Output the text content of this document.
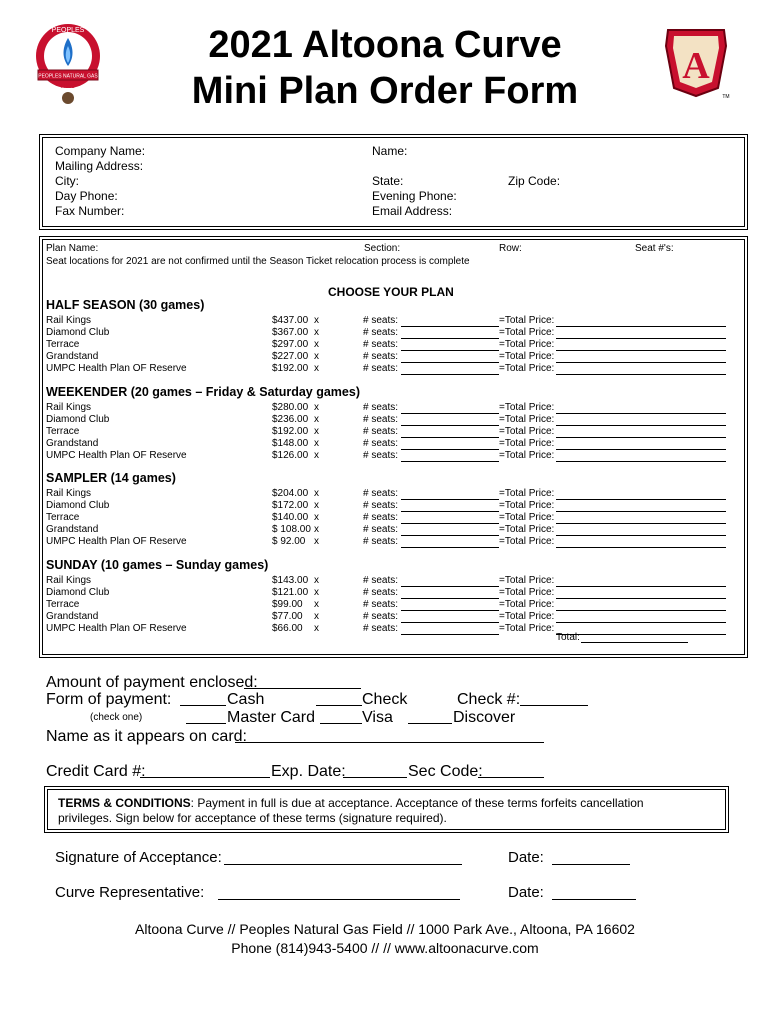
PEOPLES
PEOPLES NATURAL GAS
FIELD
2021 Altoona Curve
Mini Plan Order Form
A
TM
Company Name:
Mailing Address:
City:
Day Phone:
Fax Number:
Name:
State:	Zip Code:
Evening Phone:
Email Address:
Plan Name:	Section:	Row:	Seat #'s:
Seat locations for 2021 are not confirmed until the Season Ticket relocation process is complete
CHOOSE YOUR PLAN
HALF SEASON (30 games)
Rail Kings	$437.00 x	# seats:	=Total Price:
Diamond Club	$367.00 x	# seats:	=Total Price:
Terrace	$297.00 x	# seats:	=Total Price:
Grandstand	$227.00 x	# seats:	=Total Price:
UMPC Health Plan OF Reserve	$192.00 x	# seats:	=Total Price:
WEEKENDER (20 games – Friday & Saturday games)
Rail Kings	$280.00 x	# seats:	=Total Price:
Diamond Club	$236.00 x	# seats:	=Total Price:
Terrace	$192.00 x	# seats:	=Total Price:
Grandstand	$148.00 x	# seats:	=Total Price:
UMPC Health Plan OF Reserve	$126.00 x	# seats:	=Total Price:
SAMPLER (14 games)
Rail Kings	$204.00 x	# seats:	=Total Price:
Diamond Club	$172.00 x	# seats:	=Total Price:
Terrace	$140.00 x	# seats:	=Total Price:
Grandstand	$ 108.00 x	# seats:	=Total Price:
UMPC Health Plan OF Reserve	$ 92.00 x	# seats:	=Total Price:
SUNDAY (10 games – Sunday games)
Rail Kings	$143.00 x	# seats:	=Total Price:
Diamond Club	$121.00 x	# seats:	=Total Price:
Terrace	$99.00 x	# seats:	=Total Price:
Grandstand	$77.00 x	# seats:	=Total Price:
UMPC Health Plan OF Reserve	$66.00 x	# seats:	=Total Price:
Total:
Amount of payment enclosed:
Form of payment:	Cash	Check	Check #:
(check one)	Master Card	Visa	Discover
Name as it appears on card:
Credit Card #:	Exp. Date:	Sec Code:
TERMS & CONDITIONS: Payment in full is due at acceptance. Acceptance of these terms forfeits cancellation
privileges. Sign below for acceptance of these terms (signature required).
Signature of Acceptance:	Date:
Curve Representative:	Date:
Altoona Curve // Peoples Natural Gas Field // 1000 Park Ave., Altoona, PA 16602
Phone (814)943-5400 // // www.altoonacurve.com
